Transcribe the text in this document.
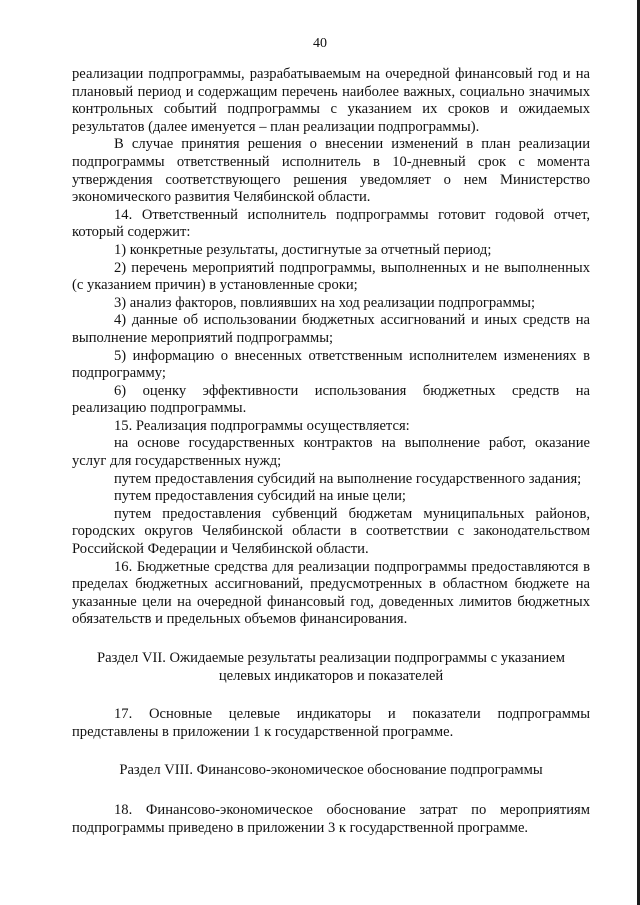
40

реализации подпрограммы, разрабатываемым на очередной финансовый год и на плановый период и содержащим перечень наиболее важных, социально значимых контрольных событий подпрограммы с указанием их сроков и ожидаемых результатов (далее именуется – план реализации подпрограммы).

В случае принятия решения о внесении изменений в план реализации подпрограммы ответственный исполнитель в 10-дневный срок с момента утверждения соответствующего решения уведомляет о нем Министерство экономического развития Челябинской области.

14. Ответственный исполнитель подпрограммы готовит годовой отчет, который содержит:

1) конкретные результаты, достигнутые за отчетный период;

2) перечень мероприятий подпрограммы, выполненных и не выполненных (с указанием причин) в установленные сроки;

3) анализ факторов, повлиявших на ход реализации подпрограммы;

4) данные об использовании бюджетных ассигнований и иных средств на выполнение мероприятий подпрограммы;

5) информацию о внесенных ответственным исполнителем изменениях в подпрограмму;

6) оценку эффективности использования бюджетных средств на реализацию подпрограммы.

15. Реализация подпрограммы осуществляется:

на основе государственных контрактов на выполнение работ, оказание услуг для государственных нужд;

путем предоставления субсидий на выполнение государственного задания;

путем предоставления субсидий на иные цели;

путем предоставления субвенций бюджетам муниципальных районов, городских округов Челябинской области в соответствии с законодательством Российской Федерации и Челябинской области.

16. Бюджетные средства для реализации подпрограммы предоставляются в пределах бюджетных ассигнований, предусмотренных в областном бюджете на указанные цели на очередной финансовый год, доведенных лимитов бюджетных обязательств и предельных объемов финансирования.

Раздел VII. Ожидаемые результаты реализации подпрограммы с указанием целевых индикаторов и показателей

17. Основные целевые индикаторы и показатели подпрограммы представлены в приложении 1 к государственной программе.

Раздел VIII. Финансово-экономическое обоснование подпрограммы

18. Финансово-экономическое обоснование затрат по мероприятиям подпрограммы приведено в приложении 3 к государственной программе.
